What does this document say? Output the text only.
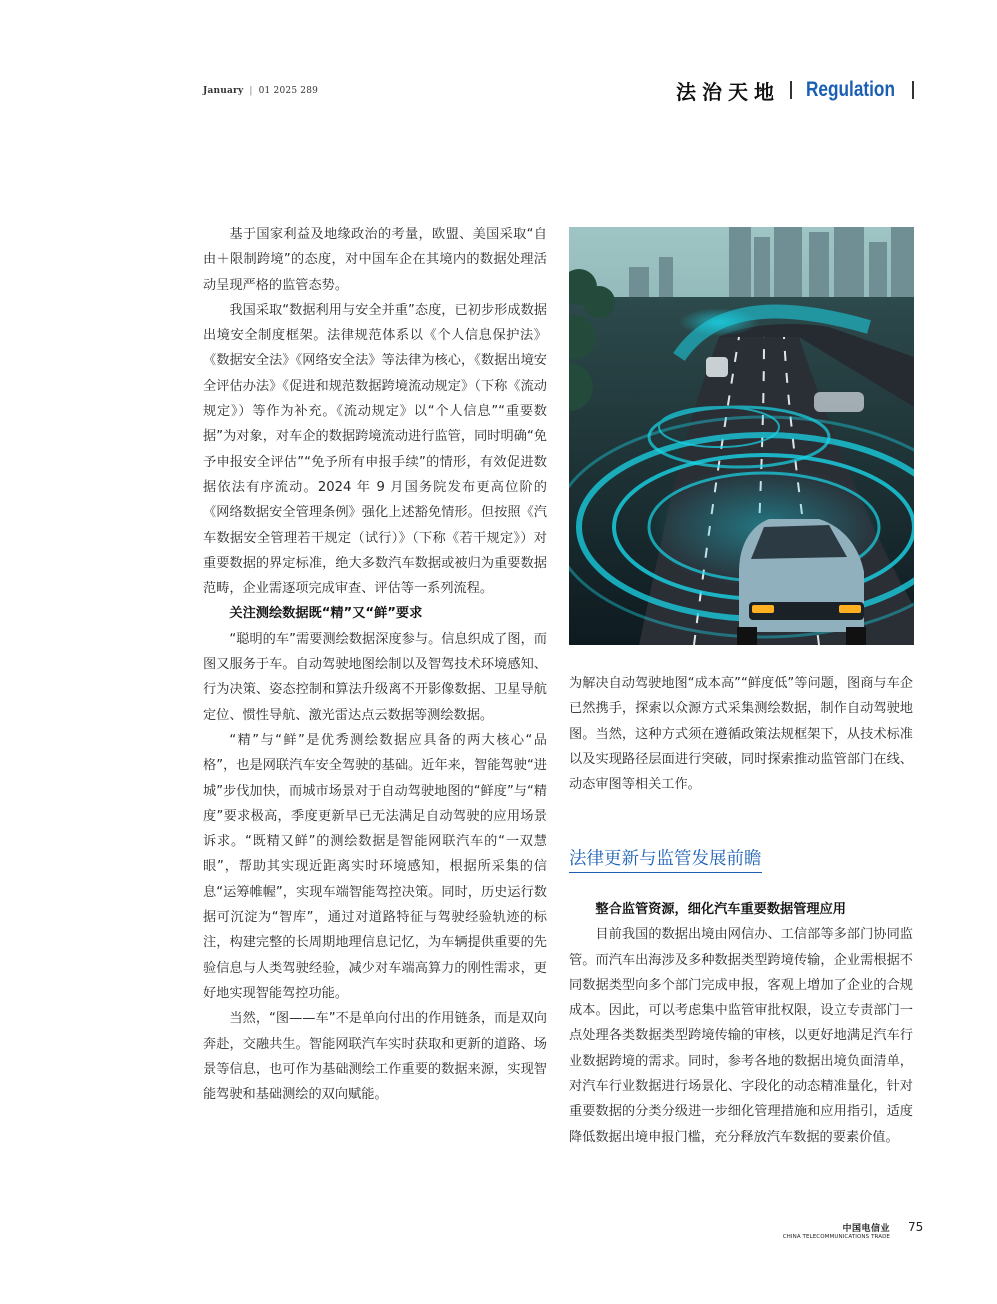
January | 01 2025 289	法治天地 Regulation

基于国家利益及地缘政治的考量，欧盟、美国采取“自由＋限制跨境”的态度，对中国车企在其境内的数据处理活动呈现严格的监管态势。

我国采取“数据利用与安全并重”态度，已初步形成数据出境安全制度框架。法律规范体系以《个人信息保护法》《数据安全法》《网络安全法》等法律为核心，《数据出境安全评估办法》《促进和规范数据跨境流动规定》（下称《流动规定》）等作为补充。《流动规定》以“个人信息”“重要数据”为对象，对车企的数据跨境流动进行监管，同时明确“免予申报安全评估”“免予所有申报手续”的情形，有效促进数据依法有序流动。2024 年 9 月国务院发布更高位阶的《网络数据安全管理条例》强化上述豁免情形。但按照《汽车数据安全管理若干规定（试行）》（下称《若干规定》）对重要数据的界定标准，绝大多数汽车数据或被归为重要数据范畴，企业需逐项完成审查、评估等一系列流程。

关注测绘数据既“精”又“鲜”要求

“聪明的车”需要测绘数据深度参与。信息织成了图，而图又服务于车。自动驾驶地图绘制以及智驾技术环境感知、行为决策、姿态控制和算法升级离不开影像数据、卫星导航定位、惯性导航、激光雷达点云数据等测绘数据。

“精”与“鲜”是优秀测绘数据应具备的两大核心“品格”，也是网联汽车安全驾驶的基础。近年来，智能驾驶“进城”步伐加快，而城市场景对于自动驾驶地图的“鲜度”与“精度”要求极高，季度更新早已无法满足自动驾驶的应用场景诉求。“既精又鲜”的测绘数据是智能网联汽车的“一双慧眼”，帮助其实现近距离实时环境感知，根据所采集的信息“运筹帷幄”，实现车端智能驾控决策。同时，历史运行数据可沉淀为“智库”，通过对道路特征与驾驶经验轨迹的标注，构建完整的长周期地理信息记忆，为车辆提供重要的先验信息与人类驾驶经验，减少对车端高算力的刚性需求，更好地实现智能驾控功能。

当然，“图——车”不是单向付出的作用链条，而是双向奔赴，交融共生。智能网联汽车实时获取和更新的道路、场景等信息，也可作为基础测绘工作重要的数据来源，实现智能驾驶和基础测绘的双向赋能。

为解决自动驾驶地图“成本高”“鲜度低”等问题，图商与车企已然携手，探索以众源方式采集测绘数据，制作自动驾驶地图。当然，这种方式须在遵循政策法规框架下，从技术标准以及实现路径层面进行突破，同时探索推动监管部门在线、动态审图等相关工作。

法律更新与监管发展前瞻
整合监管资源，细化汽车重要数据管理应用

目前我国的数据出境由网信办、工信部等多部门协同监管。而汽车出海涉及多种数据类型跨境传输，企业需根据不同数据类型向多个部门完成申报，客观上增加了企业的合规成本。因此，可以考虑集中监管审批权限，设立专责部门一点处理各类数据类型跨境传输的审核，以更好地满足汽车行业数据跨境的需求。同时，参考各地的数据出境负面清单，对汽车行业数据进行场景化、字段化的动态精准量化，针对重要数据的分类分级进一步细化管理措施和应用指引，适度降低数据出境申报门槛，充分释放汽车数据的要素价值。

中国电信业
CHINA TELECOMMUNICATIONS TRADE
75
